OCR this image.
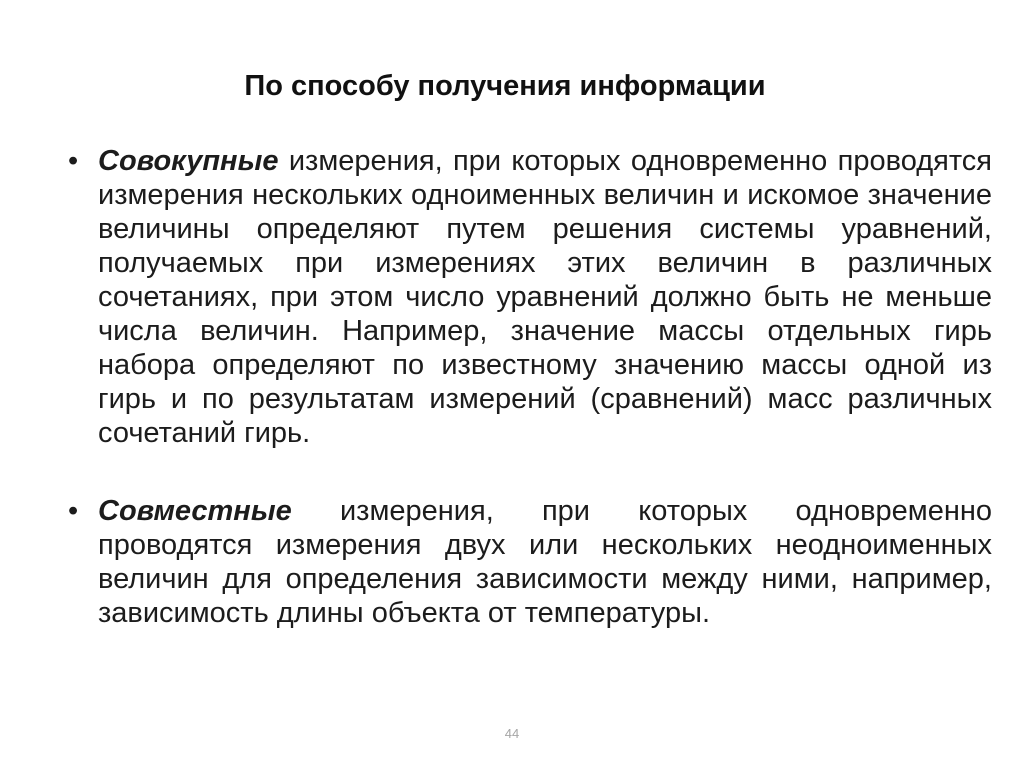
По способу получения информации
• Совокупные измерения, при которых одновременно проводятся измерения нескольких одноименных величин и искомое значение величины определяют путем решения системы уравнений, получаемых при измерениях этих величин в различных сочетаниях, при этом число уравнений должно быть не меньше числа величин. Например, значение массы отдельных гирь набора определяют по известному значению массы одной из гирь и по результатам измерений (сравнений) масс различных сочетаний гирь.
• Совместные измерения, при которых одновременно проводятся измерения двух или нескольких неодноименных величин для определения зависимости между ними, например, зависимость длины объекта от температуры.
44
